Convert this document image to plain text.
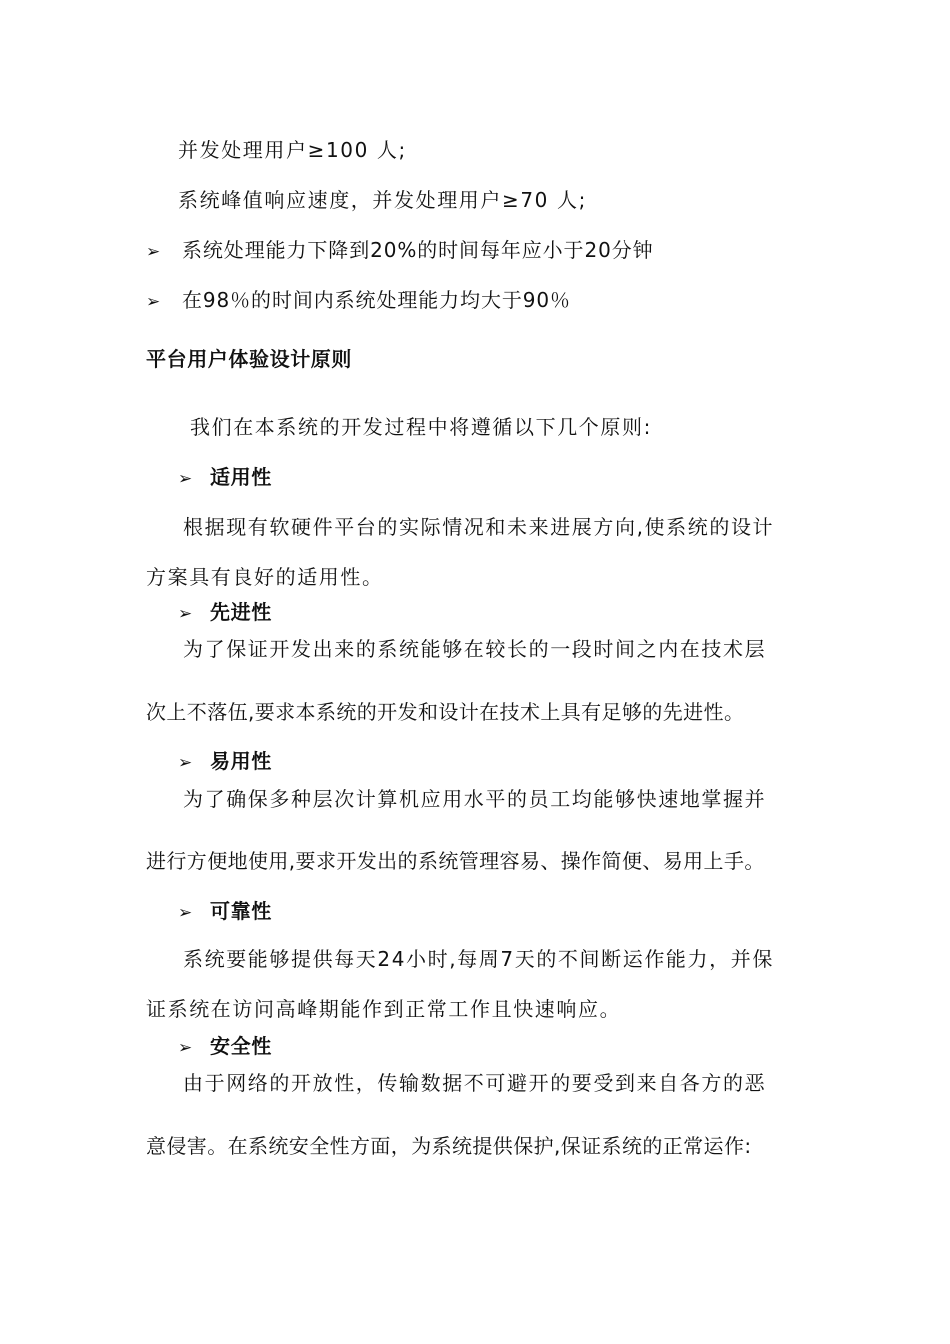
并发处理用户≥100 人;
系统峰值响应速度，并发处理用户≥70 人;
➢ 系统处理能力下降到20%的时间每年应小于20分钟
➢ 在98％的时间内系统处理能力均大于90％
平台用户体验设计原则
我们在本系统的开发过程中将遵循以下几个原则:
➢ 适用性
根据现有软硬件平台的实际情况和未来进展方向,使系统的设计
方案具有良好的适用性。
➢ 先进性
为了保证开发出来的系统能够在较长的一段时间之内在技术层
次上不落伍,要求本系统的开发和设计在技术上具有足够的先进性。
➢ 易用性
为了确保多种层次计算机应用水平的员工均能够快速地掌握并
进行方便地使用,要求开发出的系统管理容易、操作简便、易用上手。
➢ 可靠性
系统要能够提供每天24小时,每周7天的不间断运作能力，并保
证系统在访问高峰期能作到正常工作且快速响应。
➢ 安全性
由于网络的开放性，传输数据不可避开的要受到来自各方的恶
意侵害。在系统安全性方面，为系统提供保护,保证系统的正常运作:
